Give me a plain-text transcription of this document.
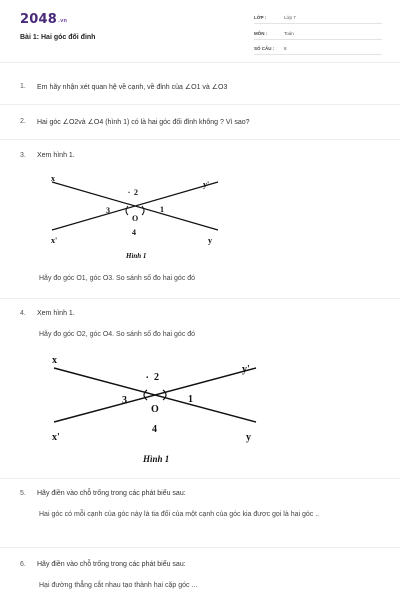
$2048^{.vn}$
Bài 1: Hai góc đối đỉnh
LỚP :	Lớp 7
MÔN :	Toán
SỐ CÂU : 8
1.	Em hãy nhận xét quan hệ về cạnh, về đỉnh của ∠O1 và ∠O3
2.	Hai góc ∠O2và ∠O4 (hình 1) có là hai góc đối đỉnh không ? Vì sao?
3.	Xem hình 1.
x
y'
x'	y
2
.
3	1
O
4
Hình 1
Hãy đo góc O1, góc O3. So sánh số đo hai góc đó
4.	Xem hình 1.
Hãy đo góc O2, góc O4. So sánh số đo hai góc đó
x
y'
x'	y
2
.
3	1
O
4
Hình 1
5.	Hãy điền vào chỗ trống trong các phát biểu sau:
Hai góc có mỗi cạnh của góc này là tia đối của một cạnh của góc kia được gọi là hai góc ..
6.	Hãy điền vào chỗ trống trong các phát biểu sau:
Hại đường thẳng cắt nhau tạo thành hai cặp góc ...
